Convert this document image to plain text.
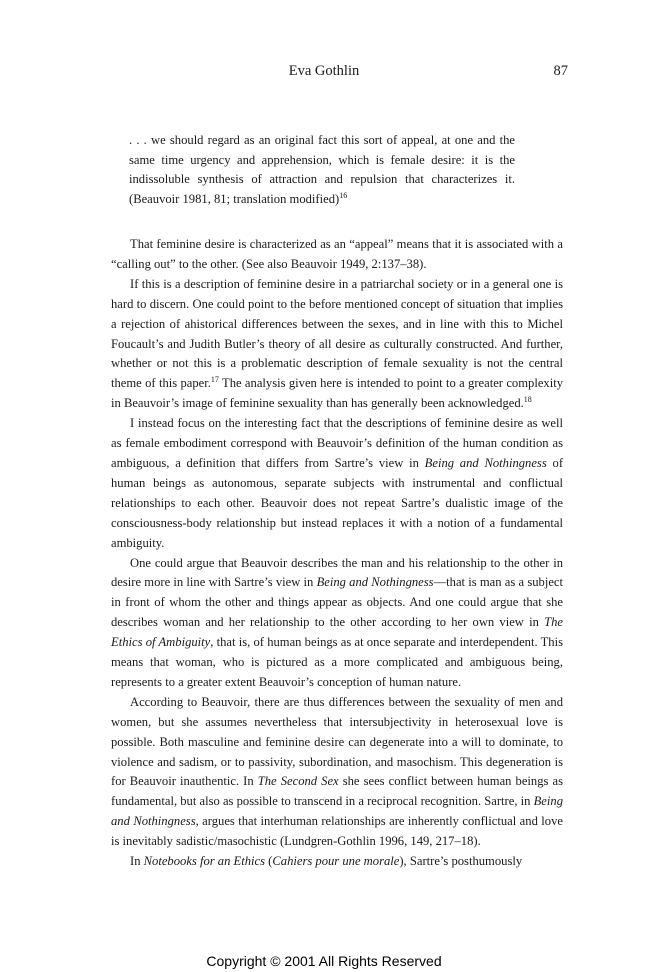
Eva Gothlin	87
. . . we should regard as an original fact this sort of appeal, at one and the same time urgency and apprehension, which is female desire: it is the indissoluble synthesis of attraction and repulsion that characterizes it. (Beauvoir 1981, 81; translation modified)$^{16}$

That feminine desire is characterized as an “appeal” means that it is associated with a “calling out” to the other. (See also Beauvoir 1949, 2:137–38).

If this is a description of feminine desire in a patriarchal society or in a general one is hard to discern. One could point to the before mentioned concept of situation that implies a rejection of ahistorical differences between the sexes, and in line with this to Michel Foucault’s and Judith Butler’s theory of all desire as culturally constructed. And further, whether or not this is a problematic description of female sexuality is not the central theme of this paper.$^{17}$ The analysis given here is intended to point to a greater complexity in Beauvoir’s image of feminine sexuality than has generally been acknowledged.$^{18}$

I instead focus on the interesting fact that the descriptions of feminine desire as well as female embodiment correspond with Beauvoir’s definition of the human condition as ambiguous, a definition that differs from Sartre’s view in Being and Nothingness of human beings as autonomous, separate subjects with instrumental and conflictual relationships to each other. Beauvoir does not repeat Sartre’s dualistic image of the consciousness-body relationship but instead replaces it with a notion of a fundamental ambiguity.

One could argue that Beauvoir describes the man and his relationship to the other in desire more in line with Sartre’s view in Being and Nothingness—that is man as a subject in front of whom the other and things appear as objects. And one could argue that she describes woman and her relationship to the other according to her own view in The Ethics of Ambiguity, that is, of human beings as at once separate and interdependent. This means that woman, who is pictured as a more complicated and ambiguous being, represents to a greater extent Beauvoir’s conception of human nature.

According to Beauvoir, there are thus differences between the sexuality of men and women, but she assumes nevertheless that intersubjectivity in heterosexual love is possible. Both masculine and feminine desire can degenerate into a will to dominate, to violence and sadism, or to passivity, subordination, and masochism. This degeneration is for Beauvoir inauthentic. In The Second Sex she sees conflict between human beings as fundamental, but also as possible to transcend in a reciprocal recognition. Sartre, in Being and Nothingness, argues that interhuman relationships are inherently conflictual and love is inevitably sadistic/masochistic (Lundgren-Gothlin 1996, 149, 217–18).

In Notebooks for an Ethics (Cahiers pour une morale), Sartre’s posthumously

Copyright © 2001 All Rights Reserved
